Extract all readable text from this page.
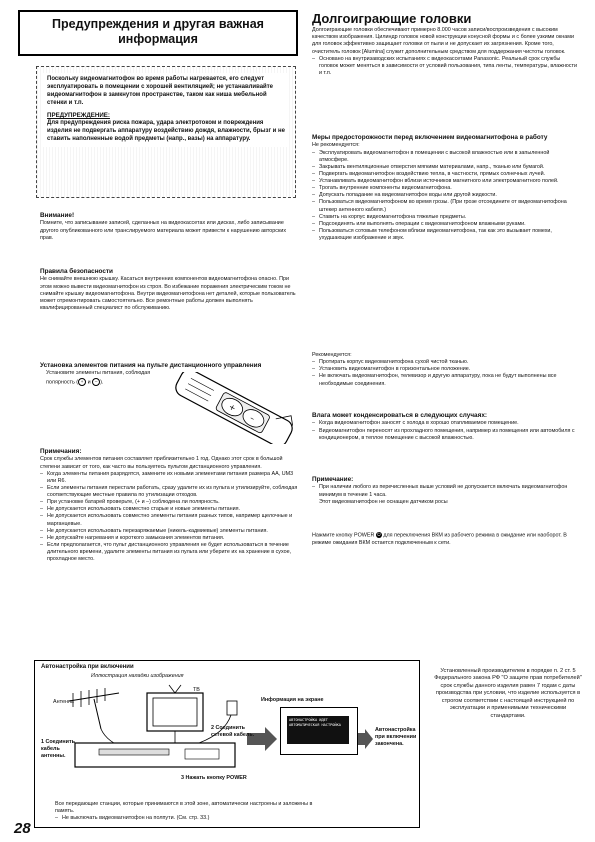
Предупреждения и другая важная информация

Поскольку видеомагнитофон во время работы нагревается, его следует эксплуатировать в помещении с хорошей вентиляцией; не устанавливайте видеомагнитофон в замкнутом пространстве, таком как ниша мебельной стенки и т.п.

ПРЕДУПРЕЖДЕНИЕ:

Для предупреждения риска пожара, удара электротоком и повреждения изделия не подвергать аппаратуру воздействию дождя, влажности, брызг и не ставить наполненные водой предметы (напр., вазы) на аппаратуру.

Внимание!

Помните, что записывание записей, сделанных на видеокассетах или дисках, либо записывание другого опубликованного или транслируемого материала может привести к нарушению авторских прав.

Правила безопасности

Не снимайте внешнюю крышку. Касаться внутренних компонентов видеомагнитофона опасно. При этом можно вывести видеомагнитофон из строя. Во избежание поражения электрическим током не снимайте крышку видеомагнитофона. Внутри видеомагнитофона нет деталей, которые пользователь может отремонтировать самостоятельно. Все ремонтные работы должен выполнять квалифицированный специалист по обслуживанию.

Установка элементов питания на пульте дистанционного управления

Установите элементы питания, соблюдая полярность ( + и – ).

+
–

Примечания:

Срок службы элементов питания составляет приблизительно 1 год. Однако этот срок в большой степени зависит от того, как часто вы пользуетесь пультом дистанционного управления.

– Когда элементы питания разрядятся, замените их новыми элементами питания размера АА, UM3 или R6.
– Если элементы питания перестали работать, сразу удалите их из пульта и утилизируйте, соблюдая соответствующие местные правила по утилизации отходов.
– При установке батарей проверьте, (+ и –) соблюдена ли полярность.
– Не допускается использовать совместно старые и новые элементы питания.
– Не допускается использовать совместно элементы питания разных типов, например щелочные и марганцевые.
– Не допускается использовать перезаряжаемые (никель-кадмиевые) элементы питания.
– Не допускайте нагревания и короткого замыкания элементов питания.
– Если предполагается, что пульт дистанционного управления не будет использоваться в течение длительного времени, удалите элементы питания из пульта или уберите их на хранение в сухое, прохладное место.

Долгоиграющие головки

Долгоиграющие головки обеспечивают примерно 8.000 часов записи/воспроизведения с высоким качеством изображения. Цилиндр головок новой конструкции конусной формы и с более узкими окнами для головок эффективно защищает головки от пыли и не допускает их загрязнения. Кроме того, очиститель головок [Alumina] служит дополнительным средством для поддержания чистоты головок.

– Основано на внутризаводских испытаниях с видеокассетами Panasonic. Реальный срок службы головок может меняться в зависимости от условий пользования, типа ленты, температуры, влажности и т.п.

Меры предосторожности перед включением видеомагнитофона в работу

Не рекомендуется:

– Эксплуатировать видеомагнитофон в помещении с высокой влажностью или в запыленной атмосфере.
– Закрывать вентиляционные отверстия мягкими материалами, напр., тканью или бумагой.
– Подвергать видеомагнитофон воздействию тепла, в частности, прямых солнечных лучей.
– Устанавливать видеомагнитофон вблизи источников магнитного или электромагнитного полей.
– Трогать внутренние компоненты видеомагнитофона.
– Допускать попадание на видеомагнитофон воды или другой жидкости.
– Пользоваться видеомагнитофоном во время грозы. (При грозе отсоедините от видеомагнитофона штекер антенного кабеля.)
– Ставить на корпус видеомагнитофона тяжелые предметы.
– Подсоединять или выполнять операции с видеомагнитофоном влажными руками.
– Пользоваться сотовым телефоном вблизи видеомагнитофона, так как это вызывает помехи, ухудшающие изображение и звук.

Рекомендуется:

– Протирать корпус видеомагнитофона сухой чистой тканью.
– Установить видеомагнитофон в горизонтальное положение.
– Не включать видеомагнитофон, телевизор и другую аппаратуру, пока не будут выполнены все необходимые соединения.

Влага может конденсироваться в следующих случаях:

– Когда видеомагнитофон заносят с холода в хорошо отапливаемое помещение.
– Видеомагнитофон переносят из прохладного помещения, например из помещения или автомобиля с кондиционером, в теплое помещение с высокой влажностью.

Примечание:

– При наличии любого из перечисленных выше условий не допускается включать видеомагнитофон минимум в течение 1 часа.

Этот видеомагнитофон не оснащен датчиком росы

Нажмите кнопку POWER ⏻ для переключения ВКМ из рабочего режима в ожидание или наоборот. В режиме ожидания ВКМ остается подключенным к сети.

Автонастройка при включении
Иллюстрация наладки изображения
АВТОНАСТРОЙКА ИДЕТ АВТОМАТИЧЕСКАЯ НАСТРОЙКА
Информация на экране
Антенна
ТВ
1 Соединить кабель антенны.
2 Соединить сетевой кабель.
3 Нажать кнопку POWER
Автонастройка при включении закончена.

Все передающие станции, которые принимаются в этой зоне, автоматически настроены и заложены в память.

– Не выключать видеомагнитофон на полпути. (См. стр. 33.)
Установленный производителем в порядке п. 2 ст. 5 Федерального закона РФ "О защите прав потребителей" срок службы данного изделия равен 7 годам с даты производства при условии, что изделие используется в строгом соответствии с настоящей инструкцией по эксплуатации и применимыми техническими стандартами.
28
